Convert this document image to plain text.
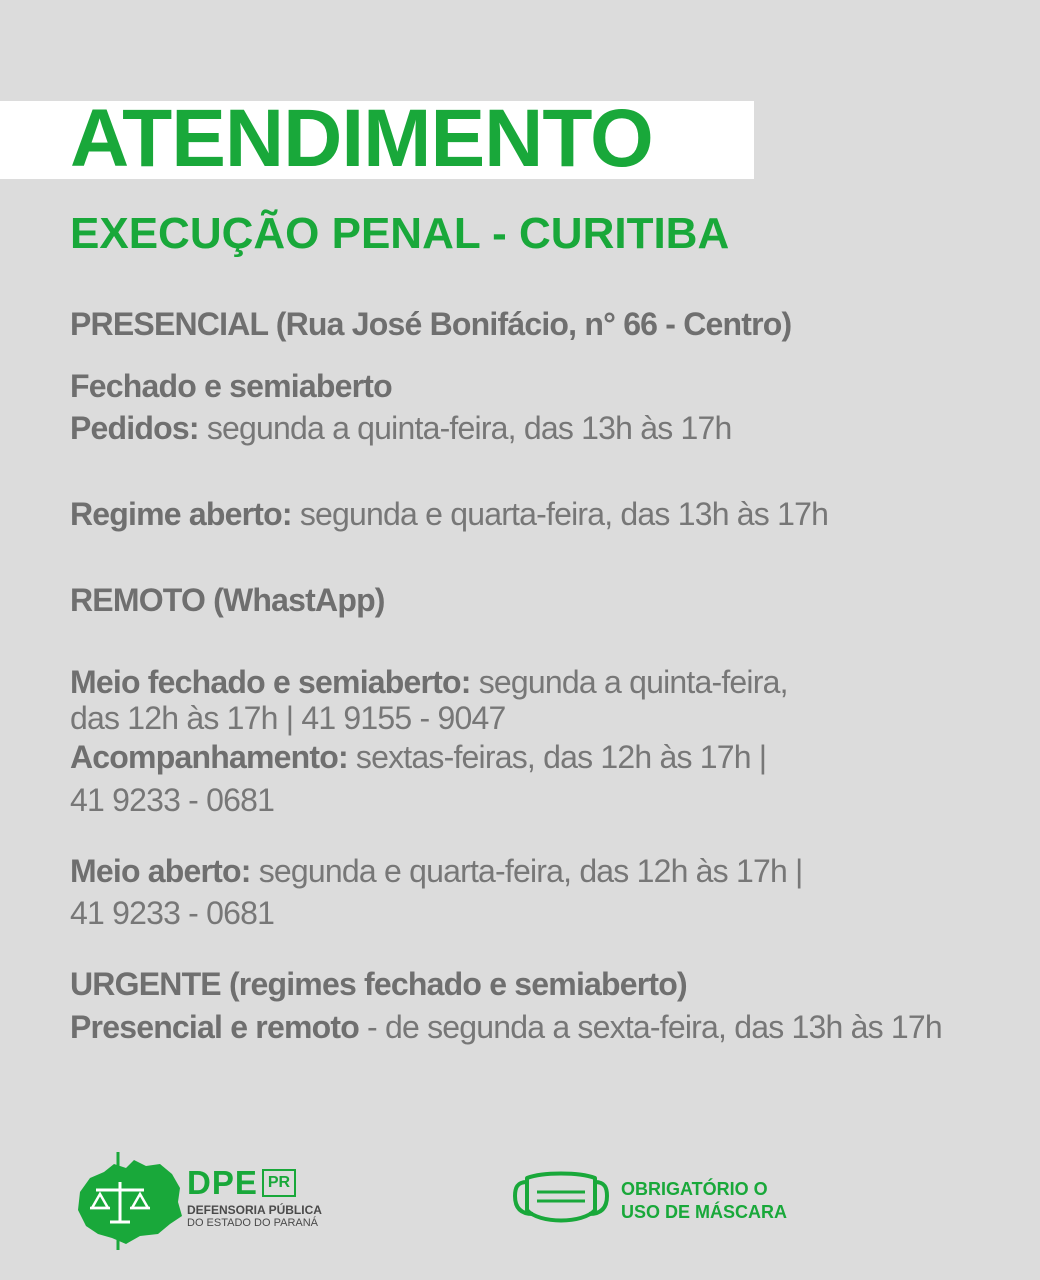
ATENDIMENTO
EXECUÇÃO PENAL - CURITIBA
PRESENCIAL (Rua José Bonifácio, n° 66 - Centro)
Fechado e semiaberto
Pedidos: segunda a quinta-feira, das 13h às 17h
Regime aberto: segunda e quarta-feira, das 13h às 17h
REMOTO (WhastApp)
Meio fechado e semiaberto: segunda a quinta-feira,
das 12h às 17h | 41 9155 - 9047
Acompanhamento: sextas-feiras, das 12h às 17h |
41 9233 - 0681
Meio aberto: segunda e quarta-feira, das 12h às 17h |
41 9233 - 0681
URGENTE (regimes fechado e semiaberto)
Presencial e remoto - de segunda a sexta-feira, das 13h às 17h
DPE PR
DEFENSORIA PÚBLICA
DO ESTADO DO PARANÁ
OBRIGATÓRIO O
USO DE MÁSCARA
